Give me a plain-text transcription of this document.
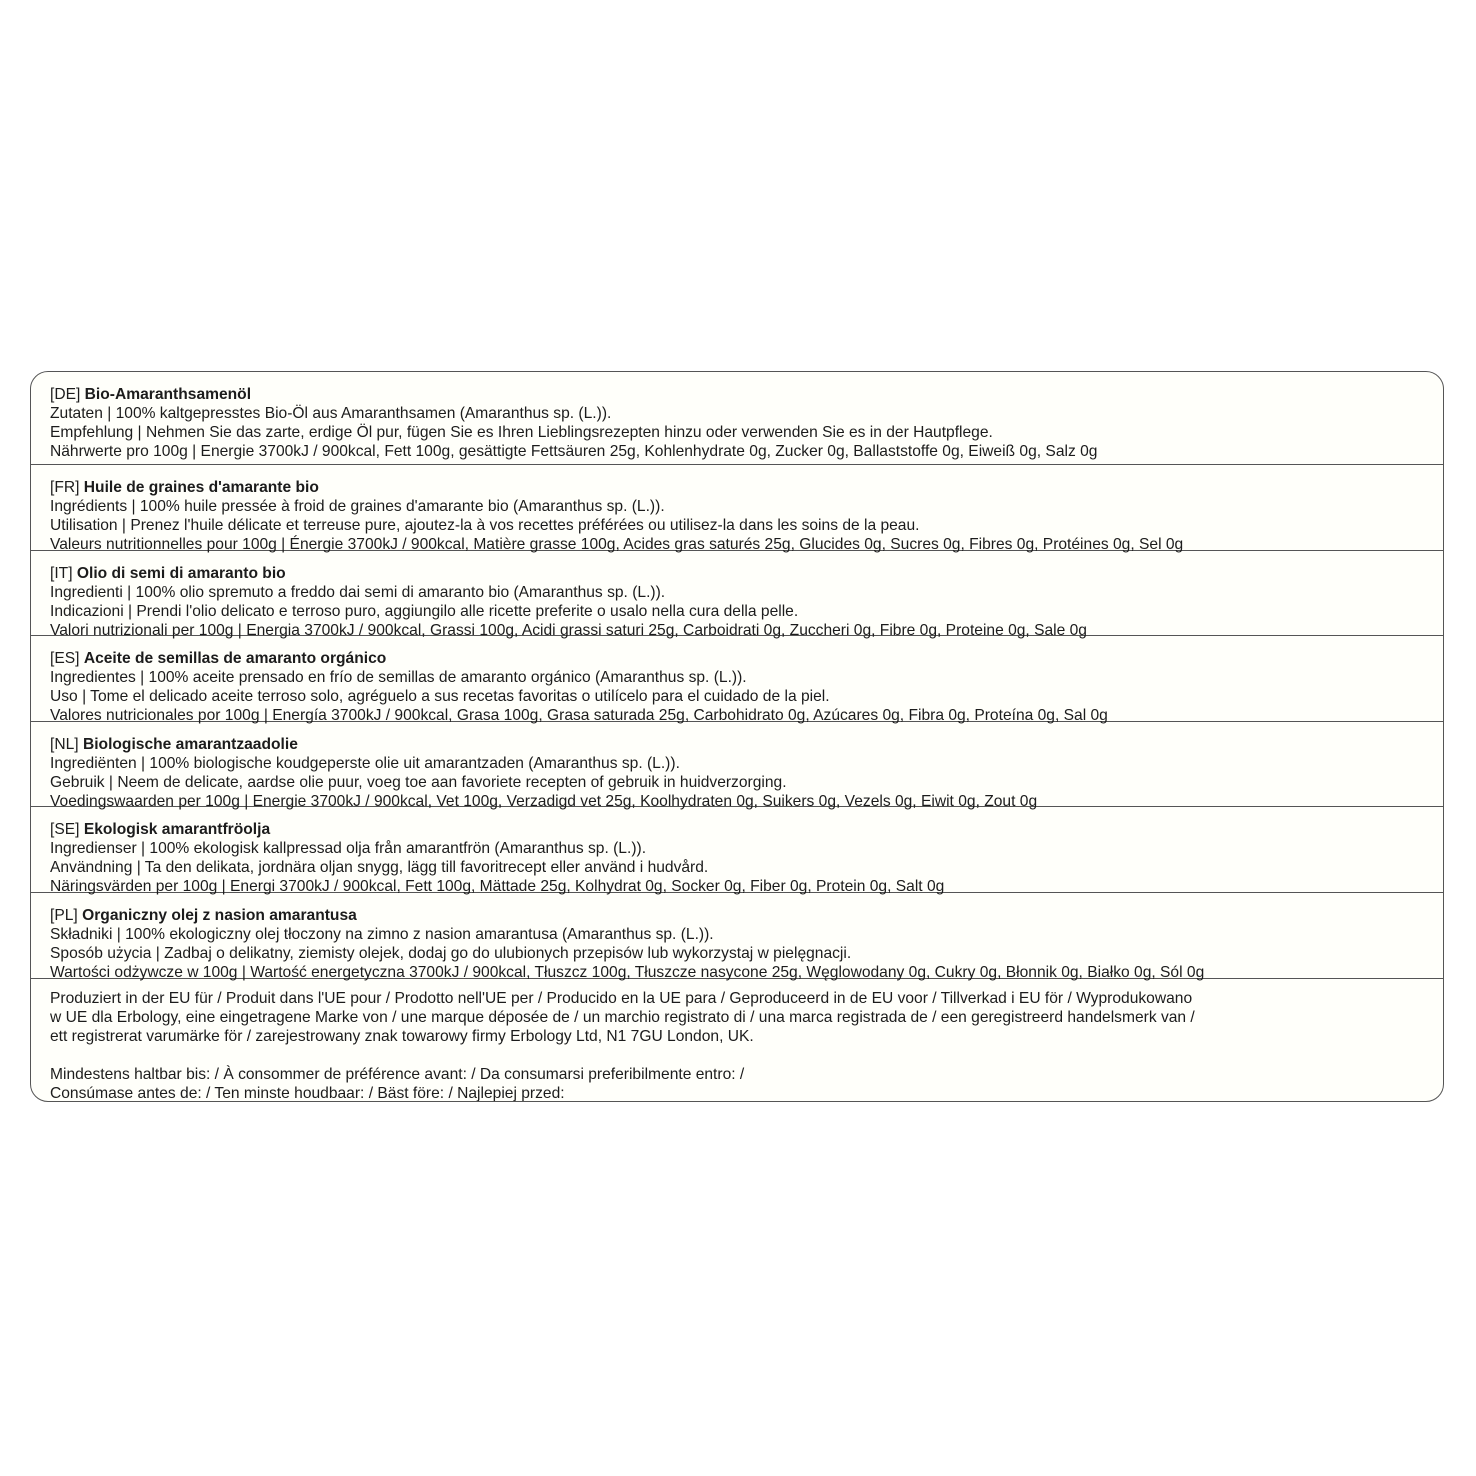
[DE] Bio-Amaranthsamenöl
Zutaten | 100% kaltgepresstes Bio-Öl aus Amaranthsamen (Amaranthus sp. (L.)).
Empfehlung | Nehmen Sie das zarte, erdige Öl pur, fügen Sie es Ihren Lieblingsrezepten hinzu oder verwenden Sie es in der Hautpflege.
Nährwerte pro 100g | Energie 3700kJ / 900kcal, Fett 100g, gesättigte Fettsäuren 25g, Kohlenhydrate 0g, Zucker 0g, Ballaststoffe 0g, Eiweiß 0g, Salz 0g
[FR] Huile de graines d'amarante bio
Ingrédients | 100% huile pressée à froid de graines d'amarante bio (Amaranthus sp. (L.)).
Utilisation | Prenez l'huile délicate et terreuse pure, ajoutez-la à vos recettes préférées ou utilisez-la dans les soins de la peau.
Valeurs nutritionnelles pour 100g | Énergie 3700kJ / 900kcal, Matière grasse 100g, Acides gras saturés 25g, Glucides 0g, Sucres 0g, Fibres 0g, Protéines 0g, Sel 0g
[IT] Olio di semi di amaranto bio
Ingredienti | 100% olio spremuto a freddo dai semi di amaranto bio (Amaranthus sp. (L.)).
Indicazioni | Prendi l'olio delicato e terroso puro, aggiungilo alle ricette preferite o usalo nella cura della pelle.
Valori nutrizionali per 100g | Energia 3700kJ / 900kcal, Grassi 100g, Acidi grassi saturi 25g, Carboidrati 0g, Zuccheri 0g, Fibre 0g, Proteine 0g, Sale 0g
[ES] Aceite de semillas de amaranto orgánico
Ingredientes | 100% aceite prensado en frío de semillas de amaranto orgánico (Amaranthus sp. (L.)).
Uso | Tome el delicado aceite terroso solo, agréguelo a sus recetas favoritas o utilícelo para el cuidado de la piel.
Valores nutricionales por 100g | Energía 3700kJ / 900kcal, Grasa 100g, Grasa saturada 25g, Carbohidrato 0g, Azúcares 0g, Fibra 0g, Proteína 0g, Sal 0g
[NL] Biologische amarantzaadolie
Ingrediënten | 100% biologische koudgeperste olie uit amarantzaden (Amaranthus sp. (L.)).
Gebruik | Neem de delicate, aardse olie puur, voeg toe aan favoriete recepten of gebruik in huidverzorging.
Voedingswaarden per 100g | Energie 3700kJ / 900kcal, Vet 100g, Verzadigd vet 25g, Koolhydraten 0g, Suikers 0g, Vezels 0g, Eiwit 0g, Zout 0g
[SE] Ekologisk amarantfröolja
Ingredienser | 100% ekologisk kallpressad olja från amarantfrön (Amaranthus sp. (L.)).
Användning | Ta den delikata, jordnära oljan snygg, lägg till favoritrecept eller använd i hudvård.
Näringsvärden per 100g | Energi 3700kJ / 900kcal, Fett 100g, Mättade 25g, Kolhydrat 0g, Socker 0g, Fiber 0g, Protein 0g, Salt 0g
[PL] Organiczny olej z nasion amarantusa
Składniki | 100% ekologiczny olej tłoczony na zimno z nasion amarantusa (Amaranthus sp. (L.)).
Sposób użycia | Zadbaj o delikatny, ziemisty olejek, dodaj go do ulubionych przepisów lub wykorzystaj w pielęgnacji.
Wartości odżywcze w 100g | Wartość energetyczna 3700kJ / 900kcal, Tłuszcz 100g, Tłuszcze nasycone 25g, Węglowodany 0g, Cukry 0g, Błonnik 0g, Białko 0g, Sól 0g
Produziert in der EU für / Produit dans l'UE pour / Prodotto nell'UE per / Producido en la UE para / Geproduceerd in de EU voor / Tillverkad i EU för / Wyprodukowano
w UE dla Erbology, eine eingetragene Marke von / une marque déposée de / un marchio registrato di / una marca registrada de / een geregistreerd handelsmerk van /
ett registrerat varumärke för / zarejestrowany znak towarowy firmy Erbology Ltd, N1 7GU London, UK.
Mindestens haltbar bis: / À consommer de préférence avant: / Da consumarsi preferibilmente entro: /
Consúmase antes de: / Ten minste houdbaar: / Bäst före: / Najlepiej przed:
